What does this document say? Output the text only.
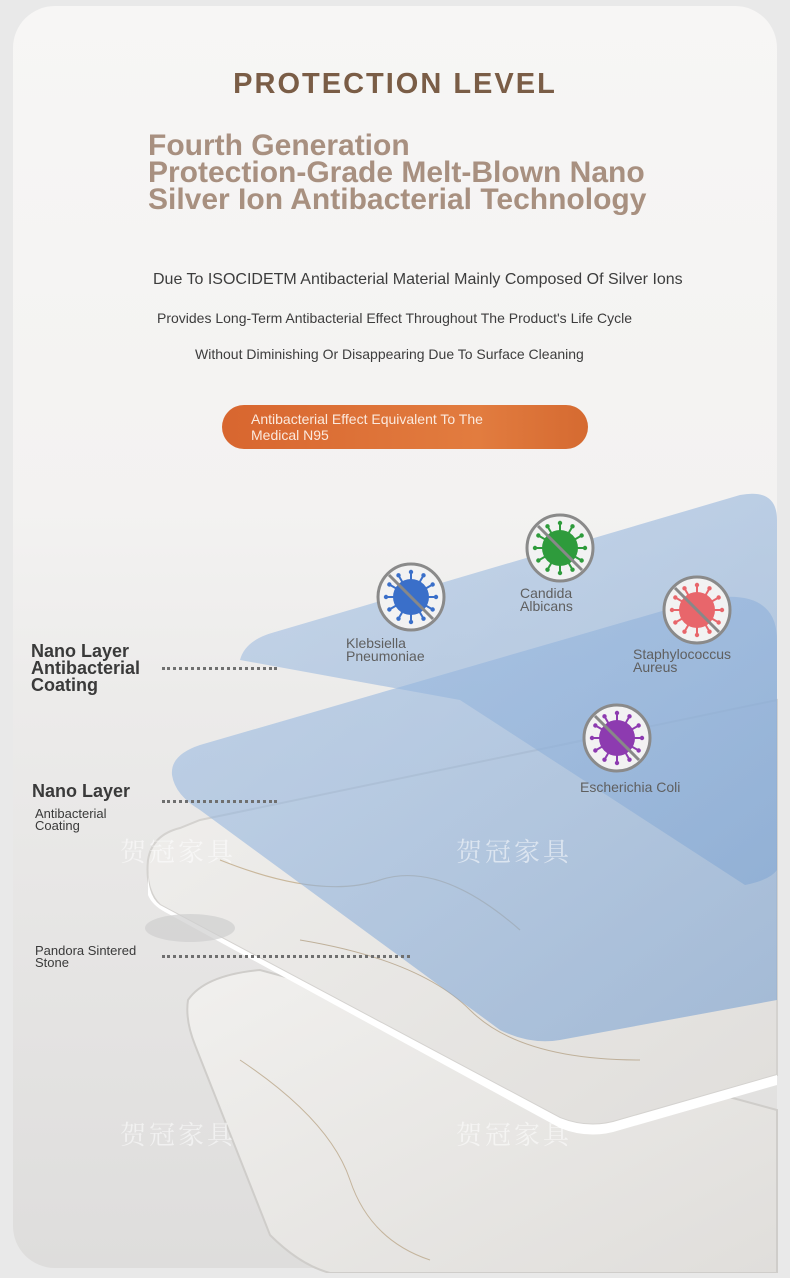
PROTECTION LEVEL
Fourth Generation
Protection-Grade Melt-Blown Nano
Silver Ion Antibacterial Technology
Due To ISOCIDETM Antibacterial Material Mainly Composed Of Silver Ions
Provides Long-Term Antibacterial Effect Throughout The Product's Life Cycle
Without Diminishing Or Disappearing Due To Surface Cleaning
Antibacterial Effect Equivalent To The
Medical N95
贺冠家具	贺冠家具
贺冠家具	贺冠家具
Nano Layer
Antibacterial
Coating
Nano Layer
Antibacterial
Coating
Pandora Sintered
Stone
Klebsiella
Pneumoniae
Candida
Albicans
Staphylococcus
Aureus
Escherichia Coli
